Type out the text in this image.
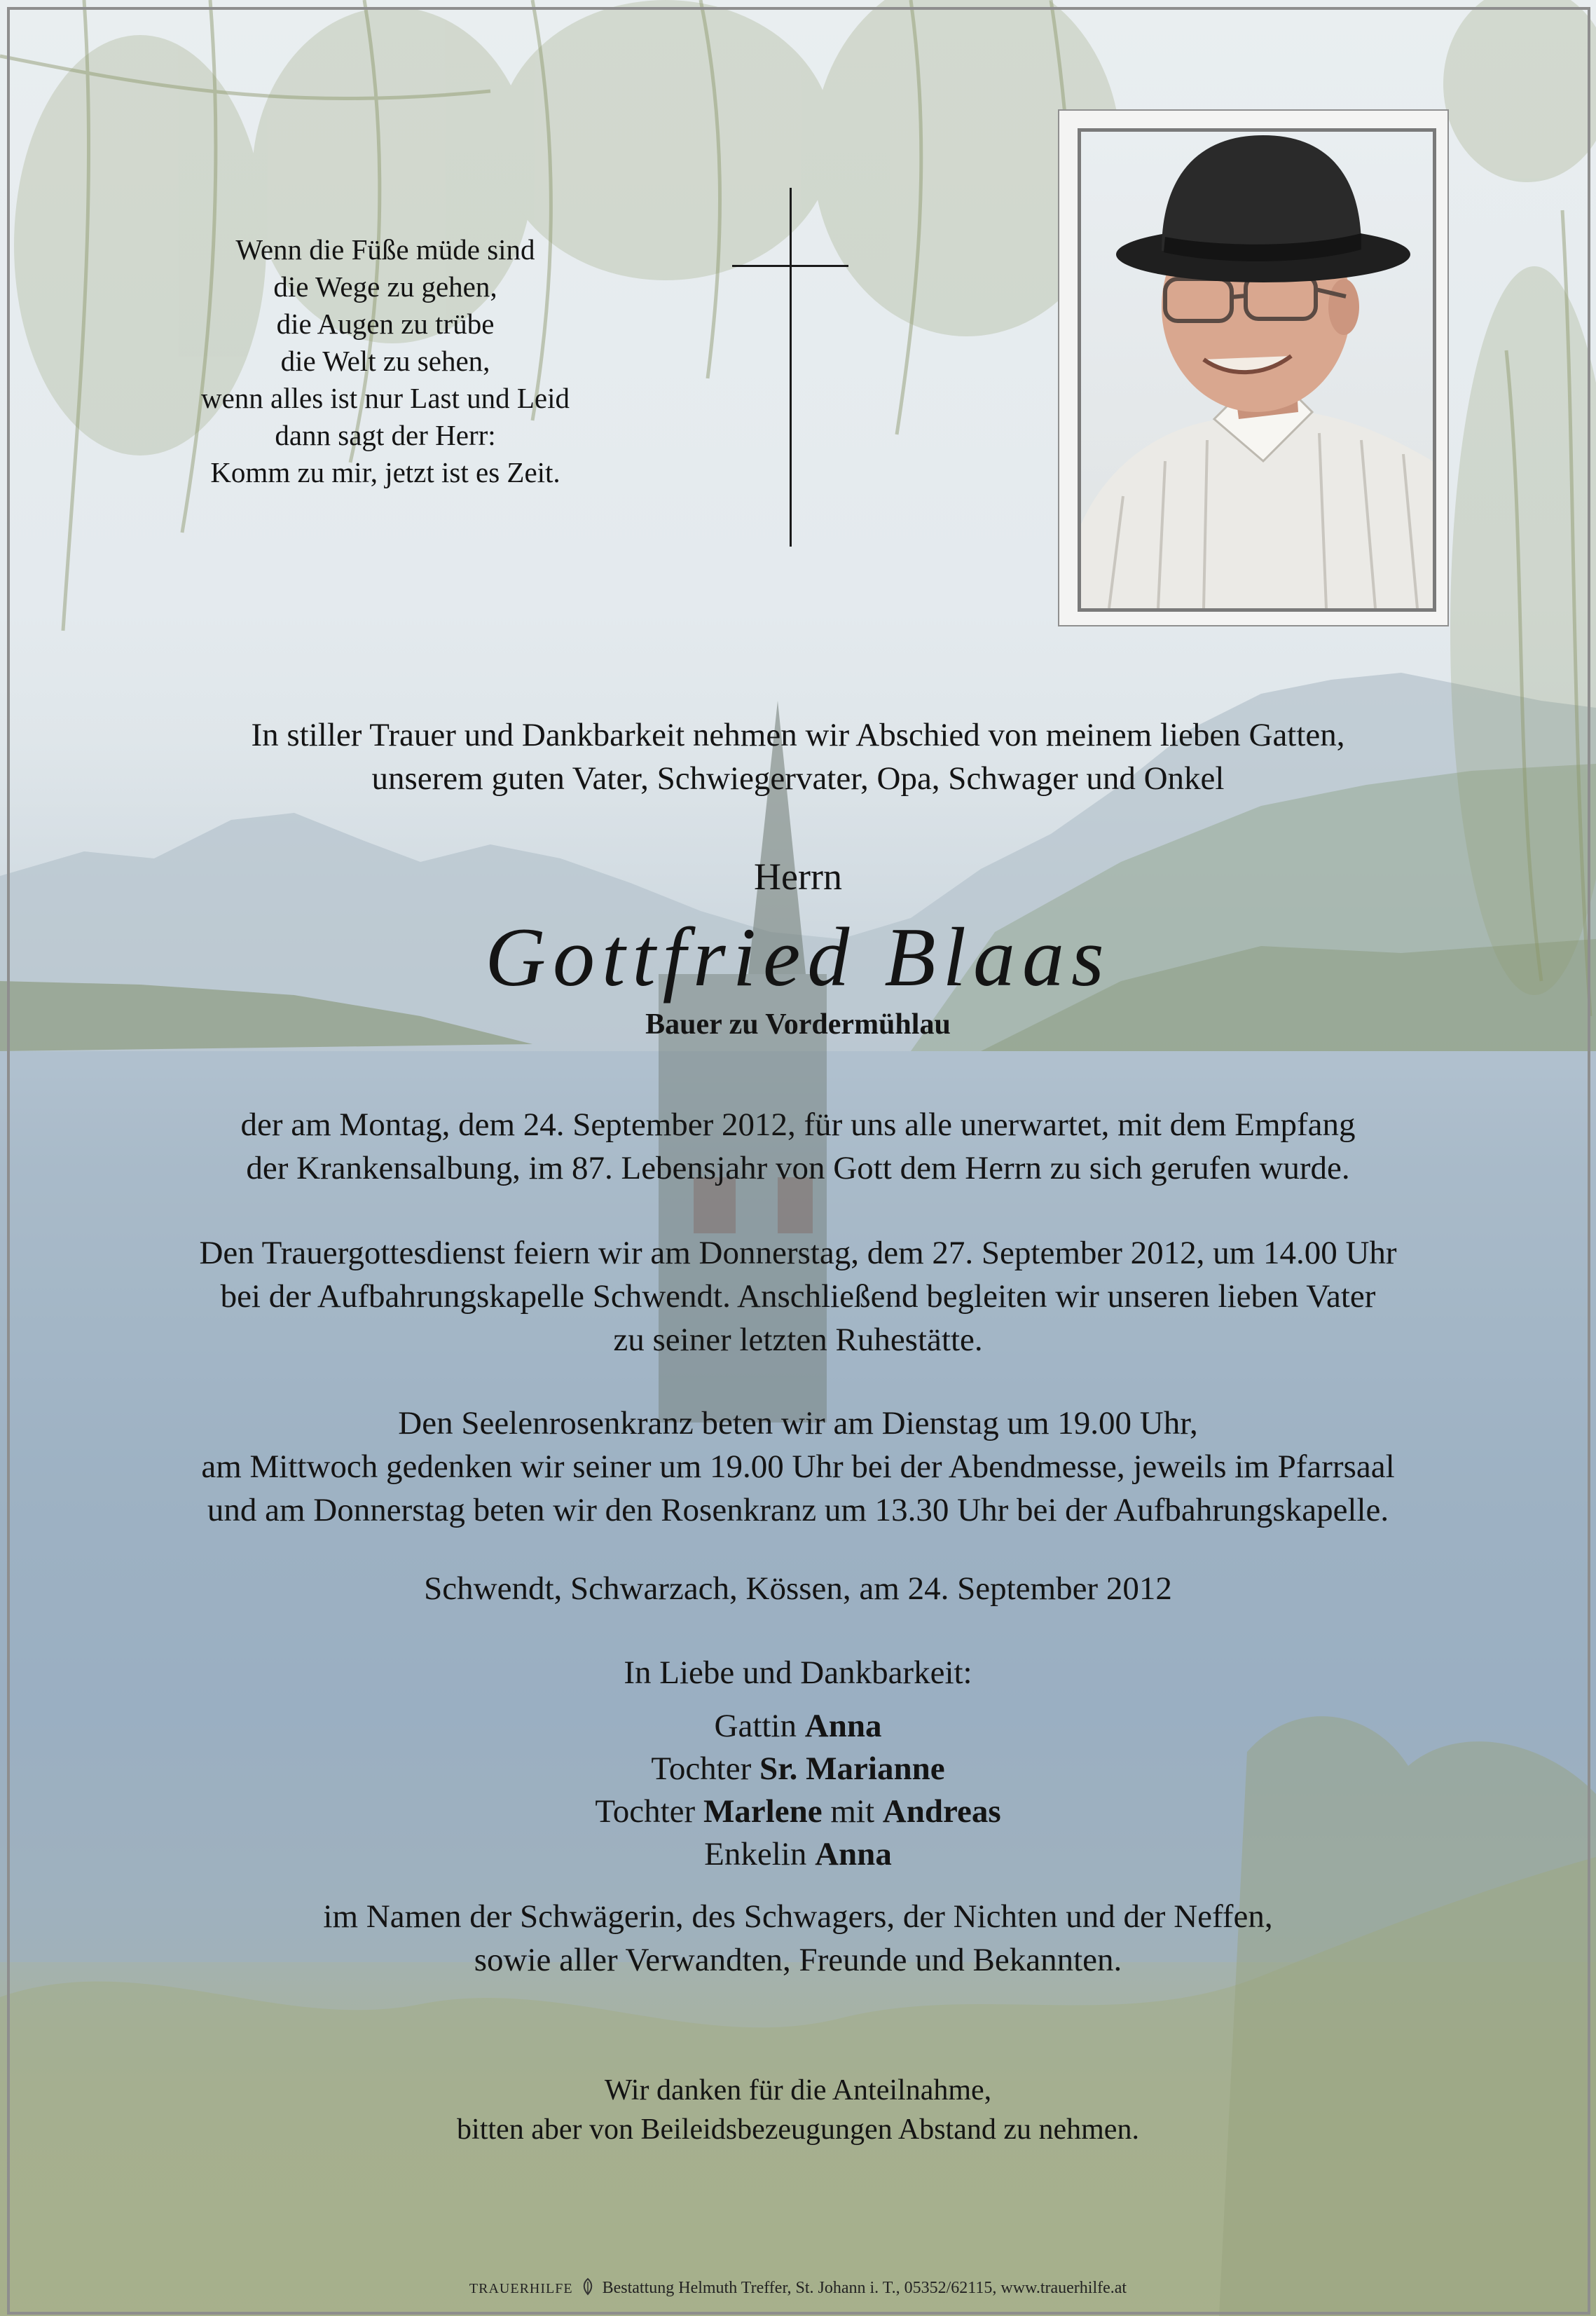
Wenn die Füße müde sind
die Wege zu gehen,
die Augen zu trübe
die Welt zu sehen,
wenn alles ist nur Last und Leid
dann sagt der Herr:
Komm zu mir, jetzt ist es Zeit.
In stiller Trauer und Dankbarkeit nehmen wir Abschied von meinem lieben Gatten,
unserem guten Vater, Schwiegervater, Opa, Schwager und Onkel
Herrn
Gottfried Blaas
Bauer zu Vordermühlau
der am Montag, dem 24. September 2012, für uns alle unerwartet, mit dem Empfang
der Krankensalbung, im 87. Lebensjahr von Gott dem Herrn zu sich gerufen wurde.
Den Trauergottesdienst feiern wir am Donnerstag, dem 27. September 2012, um 14.00 Uhr
bei der Aufbahrungskapelle Schwendt. Anschließend begleiten wir unseren lieben Vater
zu seiner letzten Ruhestätte.
Den Seelenrosenkranz beten wir am Dienstag um 19.00 Uhr,
am Mittwoch gedenken wir seiner um 19.00 Uhr bei der Abendmesse, jeweils im Pfarrsaal
und am Donnerstag beten wir den Rosenkranz um 13.30 Uhr bei der Aufbahrungskapelle.
Schwendt, Schwarzach, Kössen, am 24. September 2012
In Liebe und Dankbarkeit:
Gattin Anna
Tochter Sr. Marianne
Tochter Marlene mit Andreas
Enkelin Anna
im Namen der Schwägerin, des Schwagers, der Nichten und der Neffen,
sowie aller Verwandten, Freunde und Bekannten.
Wir danken für die Anteilnahme,
bitten aber von Beileidsbezeugungen Abstand zu nehmen.
TRAUERHILFE Bestattung Helmuth Treffer, St. Johann i. T., 05352/62115, www.trauerhilfe.at
